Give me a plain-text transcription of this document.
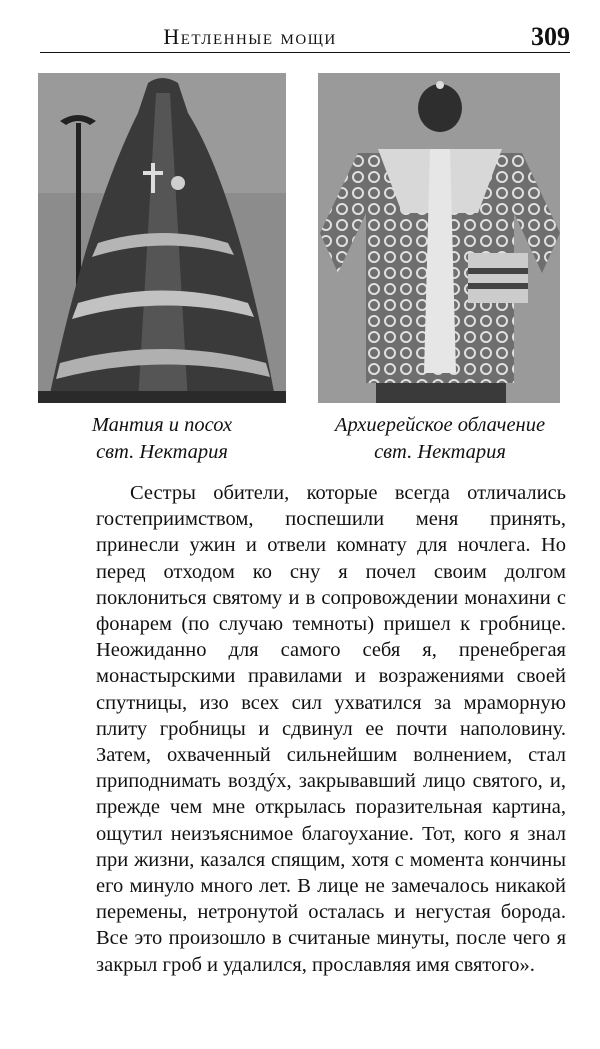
Нетленные мощи	309
Мантия и посох
свт. Нектария
Архиерейское облачение
свт. Нектария

Сестры обители, которые всегда отличались гостеприимством, поспешили меня принять, принесли ужин и отвели комнату для ночлега. Но перед отходом ко сну я почел своим долгом поклониться святому и в сопровождении монахини с фонарем (по случаю темноты) пришел к гробнице. Неожиданно для самого себя я, пренебрегая монастырскими правилами и возражениями своей спутницы, изо всех сил ухватился за мраморную плиту гробницы и сдвинул ее почти наполовину. Затем, охваченный сильнейшим волнением, стал приподнимать воздýх, закрывавший лицо святого, и, прежде чем мне открылась поразительная картина, ощутил неизъяснимое благоухание. Тот, кого я знал при жизни, казался спящим, хотя с момента кончины его минуло много лет. В лице не замечалось никакой перемены, нетронутой осталась и негустая борода. Все это произошло в считаные минуты, после чего я закрыл гроб и удалился, прославляя имя святого».
